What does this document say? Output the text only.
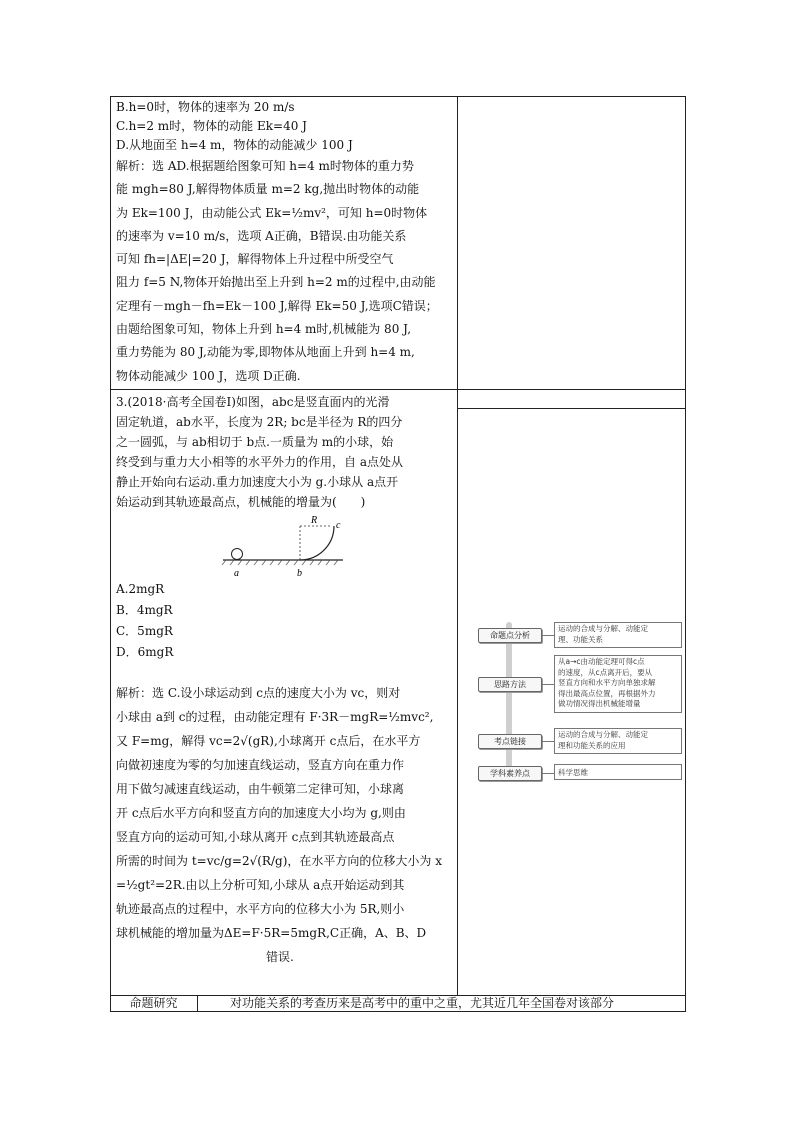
B.h=0时，物体的速率为 20 m/s

C.h=2 m时，物体的动能 Ek=40 J

D.从地面至 h=4 m，物体的动能减少 100 J

解析：选 AD.根据题给图象可知 h=4 m时物体的重力势

能 mgh=80 J,解得物体质量 m=2 kg,抛出时物体的动能

为 Ek=100 J，由动能公式 Ek=½mv²，可知 h=0时物体

的速率为 v=10 m/s，选项 A正确，B错误.由功能关系

可知 fh=|ΔE|=20 J，解得物体上升过程中所受空气

阻力 f=5 N,物体开始抛出至上升到 h=2 m的过程中,由动能

定理有－mgh－fh=Ek－100 J,解得 Ek=50 J,选项C错误；

由题给图象可知，物体上升到 h=4 m时,机械能为 80 J,

重力势能为 80 J,动能为零,即物体从地面上升到 h=4 m,

物体动能减少 100 J，选项 D正确.

3.(2018·高考全国卷Ⅰ)如图，abc是竖直面内的光滑

固定轨道，ab水平，长度为 2R; bc是半径为 R的四分

之一圆弧，与 ab相切于 b点.一质量为 m的小球，始

终受到与重力大小相等的水平外力的作用，自 a点处从

静止开始向右运动.重力加速度大小为 g.小球从 a点开

始运动到其轨迹最高点，机械能的增量为(　　)

a	b
c
R

A.2mgR

B．4mgR

C．5mgR

D．6mgR

解析：选 C.设小球运动到 c点的速度大小为 vc，则对

小球由 a到 c的过程，由动能定理有 F·3R－mgR=½mvc²,

又 F=mg，解得 vc=2√(gR),小球离开 c点后，在水平方

向做初速度为零的匀加速直线运动，竖直方向在重力作

用下做匀减速直线运动，由牛顿第二定律可知，小球离

开 c点后水平方向和竖直方向的加速度大小均为 g,则由

竖直方向的运动可知,小球从离开 c点到其轨迹最高点

所需的时间为 t=vc/g=2√(R/g)，在水平方向的位移大小为 x

=½gt²=2R.由以上分析可知,小球从 a点开始运动到其

轨迹最高点的过程中，水平方向的位移大小为 5R,则小

球机械能的增加量为ΔE=F·5R=5mgR,C正确，A、B、D

错误.

命题点分析
运动的合成与分解、动能定
理、功能关系
思路方法
从a→c由动能定理可得c点
的速度，从c点离开后，要从
竖直方向和水平方向单独求解
得出最高点位置，再根据外力
做功情况得出机械能增量
考点链接
运动的合成与分解、动能定
理和功能关系的应用
学科素养点	科学思维
命题研究	对功能关系的考查历来是高考中的重中之重，尤其近几年全国卷对该部分
